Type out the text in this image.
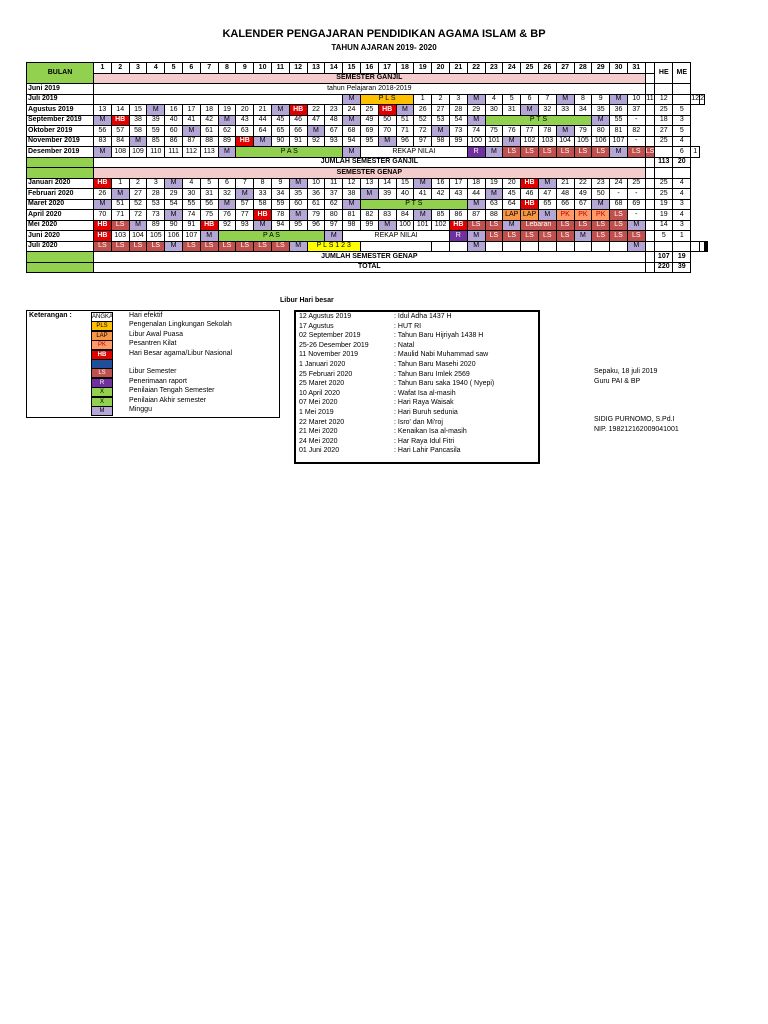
KALENDER PENGAJARAN PENDIDIKAN AGAMA ISLAM & BP
TAHUN AJARAN 2019- 2020
BULAN	1	2	3	4	5	6	7	8	9	10	11	12	13	14	15	16	17	18	19	20	21	22	23	24	25	26	27	28	29	30	31		HE	ME				
	SEMESTER GANJIL																																					
Juni 2019	tahun Pelajaran 2018-2019																																					
Juli 2019															M	P L S			1	2	3	M	4	5	6	7	M	8	9	M	10	11	12		12	2		
Agustus 2019	13	14	15	M	16	17	18	19	20	21	M	HB	22	23	24	25	HB	M	26	27	28	29	30	31	M	32	33	34	35	36	37		25	5				
September 2019	M	HB	38	39	40	41	42	M	43	44	45	46	47	48	M	49	50	51	52	53	54	M	P T S						M	55	-		18	3				
Oktober 2019	56	57	58	59	60	M	61	62	63	64	65	66	M	67	68	69	70	71	72	M	73	74	75	76	77	78	M	79	80	81	82		27	5				
November 2019	83	84	M	85	86	87	88	89	HB	M	90	91	92	93	94	95	M	96	97	98	99	100	101	M	102	103	104	105	106	107	-		25	4				
Desember 2019	M	108	109	110	111	112	113	M	P A S						M	REKAP NILAI						R	M	LS	LS	LS	LS	LS	LS	M	LS	LS		6	1			
	JUMLAH SEMESTER GANJIL																																113	20				
	SEMESTER GENAP																																					
Januari 2020	HB	1	2	3	M	4	5	6	7	8	9	M	10	11	12	13	14	15	M	16	17	18	19	20	HB	M	21	22	23	24	25		25	4				
Februari 2020	26	M	27	28	29	30	31	32	M	33	34	35	36	37	38	M	39	40	41	42	43	44	M	45	46	47	48	49	50	-	-		25	4				
Maret 2020	M	51	52	53	54	55	56	M	57	58	59	60	61	62	M	P T S						M	63	64	HB	65	66	67	M	68	69		19	3				
April 2020	70	71	72	73	M	74	75	76	77	HB	78	M	79	80	81	82	83	84	M	85	86	87	88	LAP	LAP	M	PK	PK	PK	LS	-		19	4				
Mei 2020	HB	LS	M	89	90	91	HB	92	93	M	94	95	96	97	98	99	M	100	101	102	HB	LS	LS	M	Lebaran		LS	LS	LS	LS	M		14	3				
Juni 2020	HB	103	104	105	106	107	M	P A S						M	REKAP NILAI						R	M	LS	LS	LS	LS	LS	M	LS	LS	LS		5	1				
Juli 2020	LS	LS	LS	LS	M	LS	LS	LS	LS	LS	LS	M	P L S 1 2 3									M									M								
	JUMLAH SEMESTER GENAP																																107	19				
	TOTAL																																220	39				
Libur Hari besar
Keterangan :	ANGKA Hari efektif
PLS	Pengenalan Lingkungan Sekolah
LAP	Libur Awal Puasa
PK	Pesantren Kilat
HB	Hari Besar agama/Libur Nasional
LS	Libur Semester
R	Penerimaan raport
X	Penilaian Tengah Semester
X	Penilaian Akhir semester
M	Minggu
12 Agustus 2019	: Idul Adha 1437 H
17 Agustus	: HUT RI
02 September 2019	: Tahun Baru Hijriyah 1438 H
25-26 Desember 2019	: Natal
11 November 2019	: Maulid Nabi Muhammad saw
1 Januari 2020	: Tahun Baru Masehi 2020
25 Februari 2020	: Tahun Baru Imlek 2569
25 Maret 2020	: Tahun Baru saka 1940 ( Nyepi)
10 April 2020	: Wafat Isa al-masih
07 Mei 2020	: Hari Raya Waisak
1 Mei 2019	: Hari Buruh sedunia
22 Maret 2020	: Isro' dan Mi'roj
21 Mei 2020	: Kenaikan Isa al-masih
24 Mei 2020	: Har Raya Idul Fitri
01 Juni 2020	: Hari Lahir Pancasila
Sepaku, 18 juli 2019
Guru PAI & BP
SIDIG PURNOMO, S.Pd.I
NIP. 198212162009041001
